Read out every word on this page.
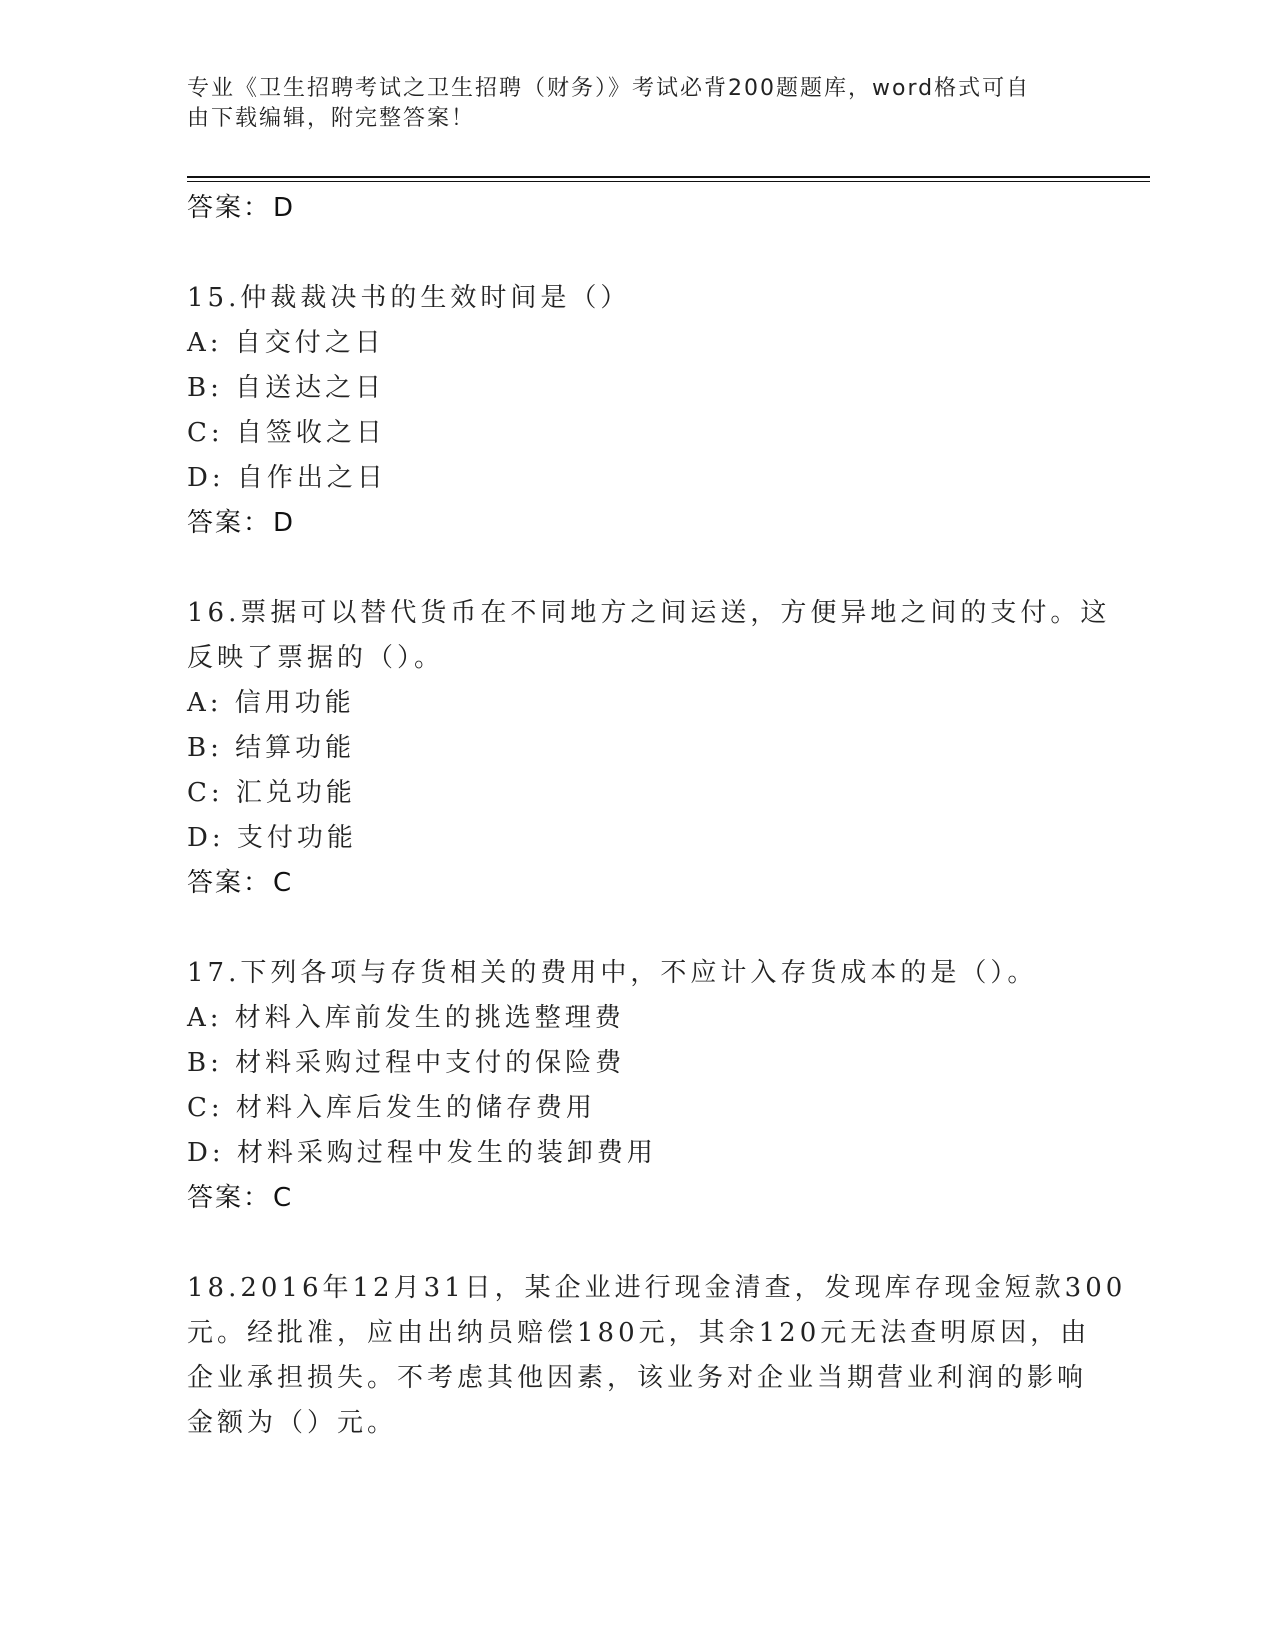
专业《卫生招聘考试之卫生招聘（财务）》考试必背200题题库，word格式可自
由下载编辑，附完整答案！
答案：D
15.仲裁裁决书的生效时间是（）
A: 自交付之日
B: 自送达之日
C: 自签收之日
D: 自作出之日
答案：D
16.票据可以替代货币在不同地方之间运送，方便异地之间的支付。这
反映了票据的（）。
A: 信用功能
B: 结算功能
C: 汇兑功能
D: 支付功能
答案：C
17.下列各项与存货相关的费用中，不应计入存货成本的是（）。
A: 材料入库前发生的挑选整理费
B: 材料采购过程中支付的保险费
C: 材料入库后发生的储存费用
D: 材料采购过程中发生的装卸费用
答案：C
18.2016年12月31日，某企业进行现金清查，发现库存现金短款300
元。经批准，应由出纳员赔偿180元，其余120元无法查明原因，由
企业承担损失。不考虑其他因素，该业务对企业当期营业利润的影响
金额为（）元。
